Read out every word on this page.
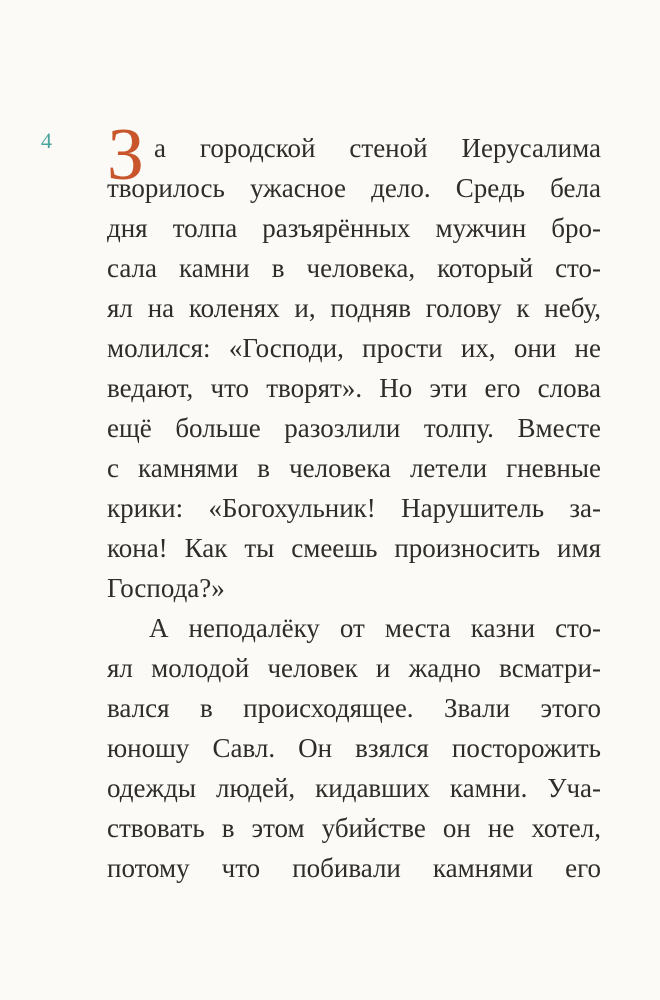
4 З а городской стеной Иерусалима
творилось ужасное дело. Средь бела
дня толпа разъярённых мужчин бро-
сала камни в человека, который сто-
ял на коленях и, подняв голову к небу,
молился: «Господи, прости их, они не
ведают, что творят». Но эти его слова
ещё больше разозлили толпу. Вместе
с камнями в человека летели гневные
крики: «Богохульник! Нарушитель за-
кона! Как ты смеешь произносить имя
Господа?»
А неподалёку от места казни сто-
ял молодой человек и жадно всматри-
вался в происходящее. Звали этого
юношу Савл. Он взялся посторожить
одежды людей, кидавших камни. Уча-
ствовать в этом убийстве он не хотел,
потому что побивали камнями его
